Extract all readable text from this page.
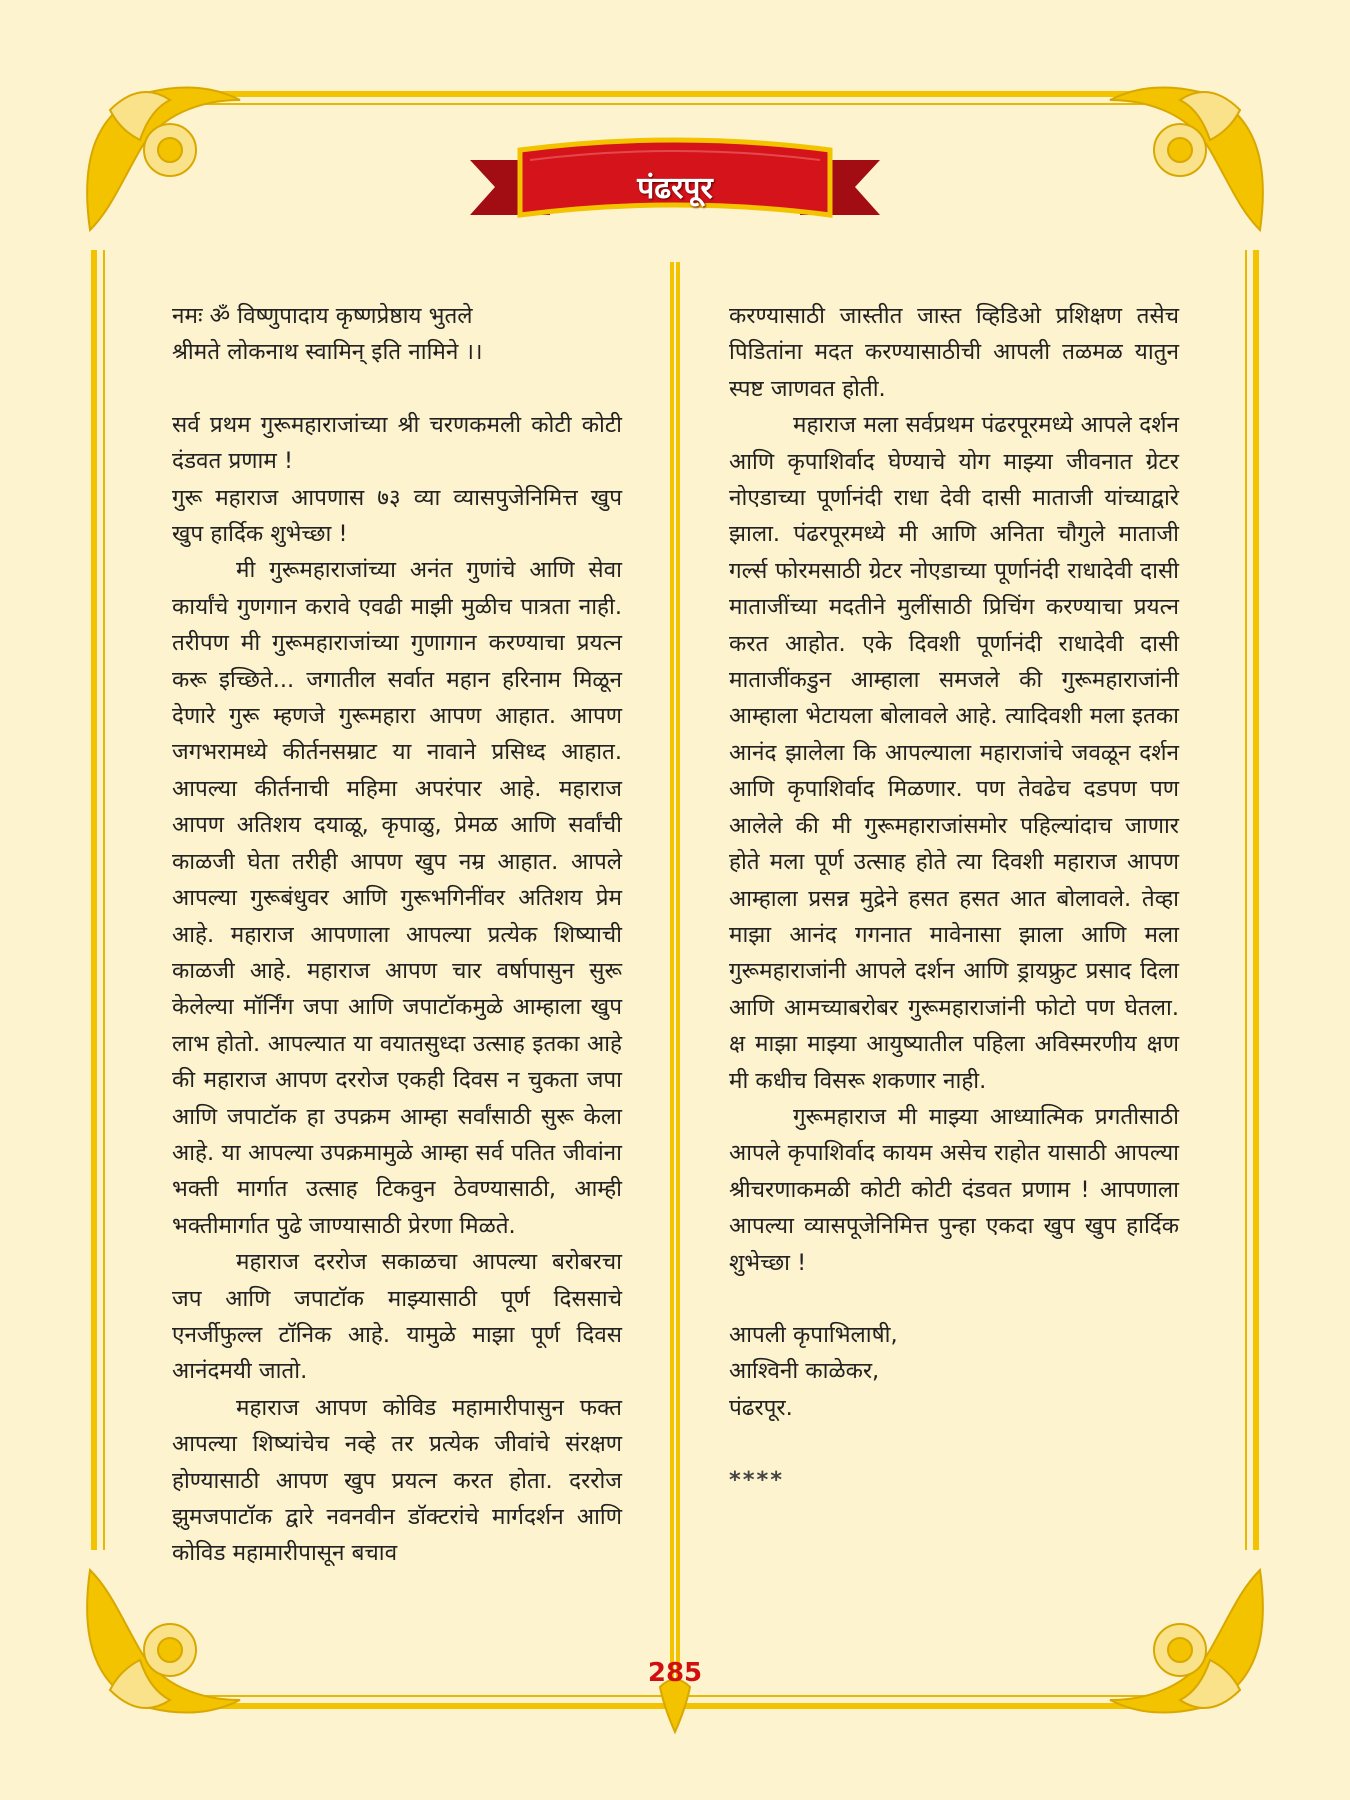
पंढरपूर

नमः ॐ विष्णुपादाय कृष्णप्रेष्ठाय भुतले

श्रीमते लोकनाथ स्वामिन् इति नामिने ।।

सर्व प्रथम गुरूमहाराजांच्या श्री चरणकमली कोटी कोटी दंडवत प्रणाम !

गुरू महाराज आपणास ७३ व्या व्यासपुजेनिमित्त खुप खुप हार्दिक शुभेच्छा !

मी गुरूमहाराजांच्या अनंत गुणांचे आणि सेवा कार्यांचे गुणगान करावे एवढी माझी मुळीच पात्रता नाही. तरीपण मी गुरूमहाराजांच्या गुणागान करण्याचा प्रयत्न करू इच्छिते... जगातील सर्वात महान हरिनाम मिळून देणारे गुरू म्हणजे गुरूमहारा आपण आहात. आपण जगभरामध्ये कीर्तनसम्राट या नावाने प्रसिध्द आहात. आपल्या कीर्तनाची महिमा अपरंपार आहे. महाराज आपण अतिशय दयाळू, कृपाळु, प्रेमळ आणि सर्वांची काळजी घेता तरीही आपण खुप नम्र आहात. आपले आपल्या गुरूबंधुवर आणि गुरूभगिनींवर अतिशय प्रेम आहे. महाराज आपणाला आपल्या प्रत्येक शिष्याची काळजी आहे. महाराज आपण चार वर्षापासुन सुरू केलेल्या मॉर्निंग जपा आणि जपाटॉकमुळे आम्हाला खुप लाभ होतो. आपल्यात या वयातसुध्दा उत्साह इतका आहे की महाराज आपण दररोज एकही दिवस न चुकता जपा आणि जपाटॉक हा उपक्रम आम्हा सर्वांसाठी सुरू केला आहे. या आपल्या उपक्रमामुळे आम्हा सर्व पतित जीवांना भक्ती मार्गात उत्साह टिकवुन ठेवण्यासाठी, आम्ही भक्तीमार्गात पुढे जाण्यासाठी प्रेरणा मिळते.

महाराज दररोज सकाळचा आपल्या बरोबरचा जप आणि जपाटॉक माझ्यासाठी पूर्ण दिससाचे एनर्जीफुल्ल टॉनिक आहे. यामुळे माझा पूर्ण दिवस आनंदमयी जातो.

महाराज आपण कोविड महामारीपासुन फक्त आपल्या शिष्यांचेच नव्हे तर प्रत्येक जीवांचे संरक्षण होण्यासाठी आपण खुप प्रयत्न करत होता. दररोज झुमजपाटॉक द्वारे नवनवीन डॉक्टरांचे मार्गदर्शन आणि कोविड महामारीपासून बचाव

करण्यासाठी जास्तीत जास्त व्हिडिओ प्रशिक्षण तसेच पिडितांना मदत करण्यासाठीची आपली तळमळ यातुन स्पष्ट जाणवत होती.

महाराज मला सर्वप्रथम पंढरपूरमध्ये आपले दर्शन आणि कृपाशिर्वाद घेण्याचे योग माझ्या जीवनात ग्रेटर नोएडाच्या पूर्णानंदी राधा देवी दासी माताजी यांच्याद्वारे झाला. पंढरपूरमध्ये मी आणि अनिता चौगुले माताजी गर्ल्स फोरमसाठी ग्रेटर नोएडाच्या पूर्णानंदी राधादेवी दासी माताजींच्या मदतीने मुलींसाठी प्रिचिंग करण्याचा प्रयत्न करत आहोत. एके दिवशी पूर्णानंदी राधादेवी दासी माताजींकडुन आम्हाला समजले की गुरूमहाराजांनी आम्हाला भेटायला बोलावले आहे. त्यादिवशी मला इतका आनंद झालेला कि आपल्याला महाराजांचे जवळून दर्शन आणि कृपाशिर्वाद मिळणार. पण तेवढेच दडपण पण आलेले की मी गुरूमहाराजांसमोर पहिल्यांदाच जाणार होते मला पूर्ण उत्साह होते त्या दिवशी महाराज आपण आम्हाला प्रसन्न मुद्रेने हसत हसत आत बोलावले. तेव्हा माझा आनंद गगनात मावेनासा झाला आणि मला गुरूमहाराजांनी आपले दर्शन आणि ड्रायफ्रुट प्रसाद दिला आणि आमच्याबरोबर गुरूमहाराजांनी फोटो पण घेतला. क्ष माझा माझ्या आयुष्यातील पहिला अविस्मरणीय क्षण मी कधीच विसरू शकणार नाही.

गुरूमहाराज मी माझ्या आध्यात्मिक प्रगतीसाठी आपले कृपाशिर्वाद कायम असेच राहोत यासाठी आपल्या श्रीचरणाकमळी कोटी कोटी दंडवत प्रणाम ! आपणाला आपल्या व्यासपूजेनिमित्त पुन्हा एकदा खुप खुप हार्दिक शुभेच्छा !

आपली कृपाभिलाषी,

आश्विनी काळेकर,

पंढरपूर.

****

285
